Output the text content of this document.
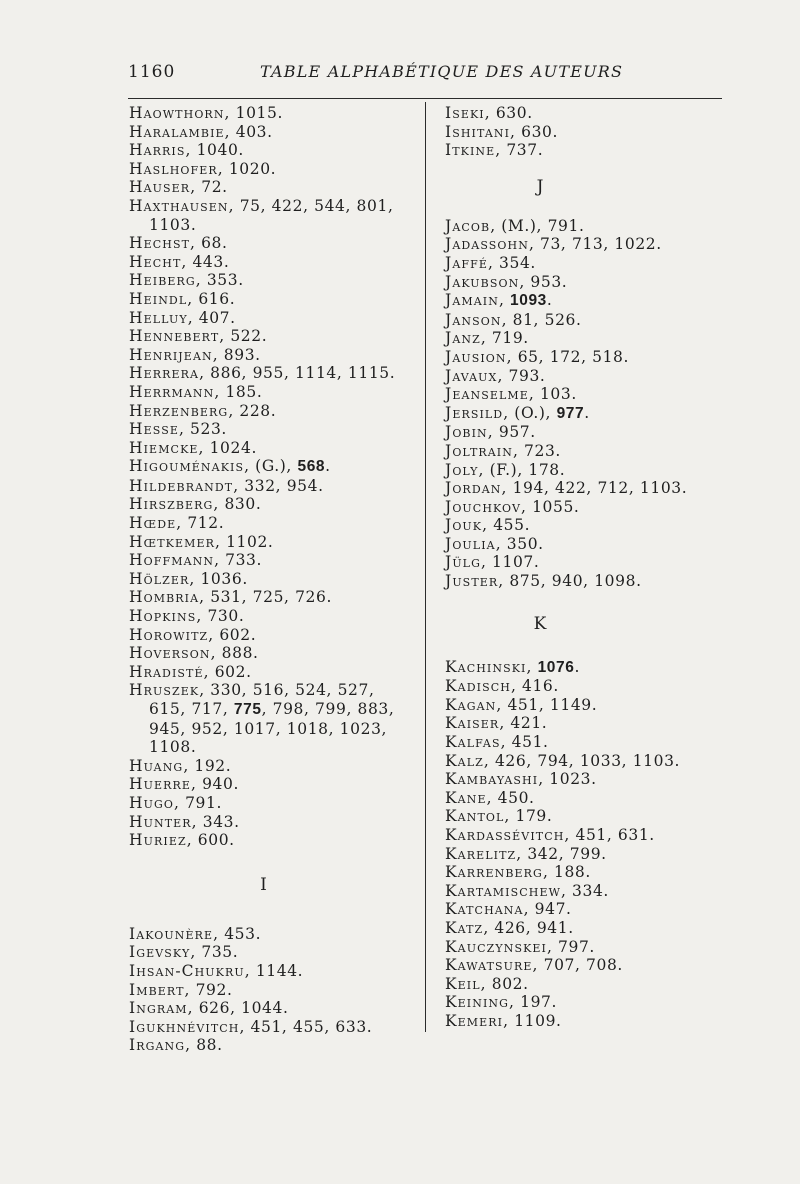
1160	TABLE ALPHABÉTIQUE DES AUTEURS
Haowthorn, 1015.
Haralambie, 403.
Harris, 1040.
Haslhofer, 1020.
Hauser, 72.
Haxthausen, 75, 422, 544, 801, 1103.
Hechst, 68.
Hecht, 443.
Heiberg, 353.
Heindl, 616.
Helluy, 407.
Hennebert, 522.
Henrijean, 893.
Herrera, 886, 955, 1114, 1115.
Herrmann, 185.
Herzenberg, 228.
Hesse, 523.
Hiemcke, 1024.
Higouménakis, (G.), 568.
Hildebrandt, 332, 954.
Hirszberg, 830.
Hœde, 712.
Hœtkemer, 1102.
Hoffmann, 733.
Hölzer, 1036.
Hombria, 531, 725, 726.
Hopkins, 730.
Horowitz, 602.
Hoverson, 888.
Hradisté, 602.
Hruszek, 330, 516, 524, 527, 615, 717, 775, 798, 799, 883, 945, 952, 1017, 1018, 1023, 1108.
Huang, 192.
Huerre, 940.
Hugo, 791.
Hunter, 343.
Huriez, 600.
I
Iakounère, 453.
Igevsky, 735.
Ihsan-Chukru, 1144.
Imbert, 792.
Ingram, 626, 1044.
Igukhnévitch, 451, 455, 633.
Irgang, 88.
Iseki, 630.
Ishitani, 630.
Itkine, 737.
J
Jacob, (M.), 791.
Jadassohn, 73, 713, 1022.
Jaffé, 354.
Jakubson, 953.
Jamain, 1093.
Janson, 81, 526.
Janz, 719.
Jausion, 65, 172, 518.
Javaux, 793.
Jeanselme, 103.
Jersild, (O.), 977.
Jobin, 957.
Joltrain, 723.
Joly, (F.), 178.
Jordan, 194, 422, 712, 1103.
Jouchkov, 1055.
Jouk, 455.
Joulia, 350.
Jülg, 1107.
Juster, 875, 940, 1098.
K
Kachinski, 1076.
Kadisch, 416.
Kagan, 451, 1149.
Kaiser, 421.
Kalfas, 451.
Kalz, 426, 794, 1033, 1103.
Kambayashi, 1023.
Kane, 450.
Kantol, 179.
Kardassévitch, 451, 631.
Karelitz, 342, 799.
Karrenberg, 188.
Kartamischew, 334.
Katchana, 947.
Katz, 426, 941.
Kauczynskei, 797.
Kawatsure, 707, 708.
Keil, 802.
Keining, 197.
Kemeri, 1109.
